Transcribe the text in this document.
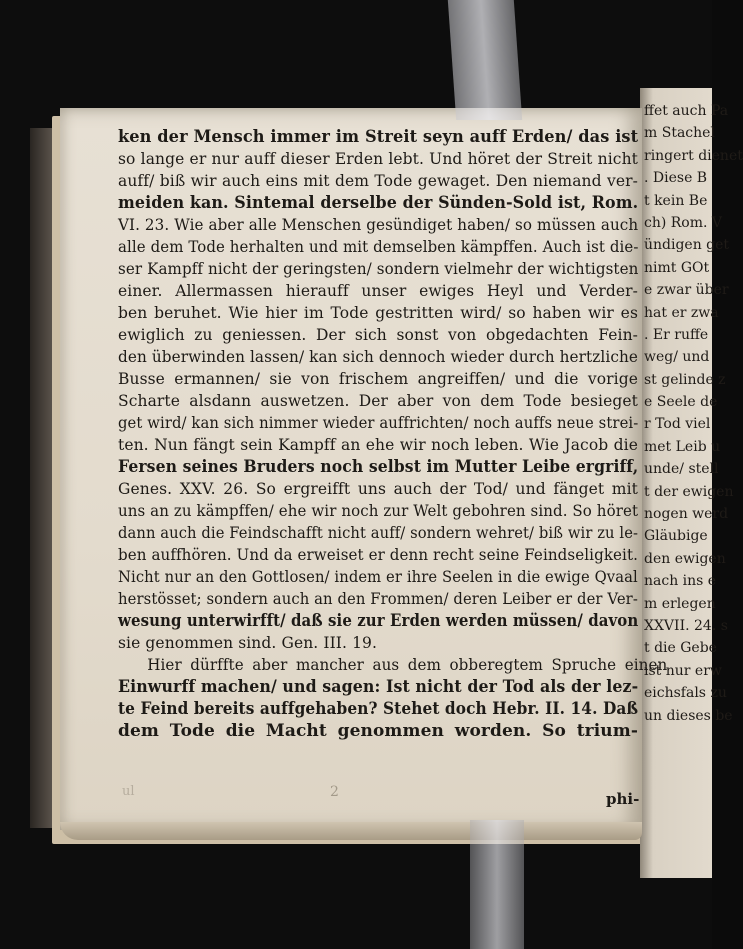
ffet auch Pa
m Stachel
ringert dienet
. Diese B
t kein Be
ch) Rom. V
ündigen get
nimt GOt
e zwar über
hat er zwa
. Er ruffe
weg/ und
st gelinde z
e Seele de
r Tod viel
met Leib u
unde/ stell
t der ewigen
nogen werd
Gläubige
den ewigen
nach ins e
m erlegen
XXVII. 24. s
t die Gebe
ist nur erw
eichsfals zu
un dieses be
ken der Mensch immer im Streit seyn auff Erden/ das ist
so lange er nur auff dieser Erden lebt. Und höret der Streit nicht
auff/ biß wir auch eins mit dem Tode gewaget. Den niemand ver-
meiden kan. Sintemal derselbe der Sünden-Sold ist, Rom.
VI. 23. Wie aber alle Menschen gesündiget haben/ so müssen auch
alle dem Tode herhalten und mit demselben kämpffen. Auch ist die-
ser Kampff nicht der geringsten/ sondern vielmehr der wichtigsten
einer. Allermassen hierauff unser ewiges Heyl und Verder-
ben beruhet. Wie hier im Tode gestritten wird/ so haben wir es
ewiglich zu geniessen. Der sich sonst von obgedachten Fein-
den überwinden lassen/ kan sich dennoch wieder durch hertzliche
Busse ermannen/ sie von frischem angreiffen/ und die vorige
Scharte alsdann auswetzen. Der aber von dem Tode besieget
get wird/ kan sich nimmer wieder auffrichten/ noch auffs neue strei-
ten. Nun fängt sein Kampff an ehe wir noch leben. Wie Jacob die
Fersen seines Bruders noch selbst im Mutter Leibe ergriff,
Genes. XXV. 26. So ergreifft uns auch der Tod/ und fänget mit
uns an zu kämpffen/ ehe wir noch zur Welt gebohren sind. So höret
dann auch die Feindschafft nicht auff/ sondern wehret/ biß wir zu le-
ben auffhören. Und da erweiset er denn recht seine Feindseligkeit.
Nicht nur an den Gottlosen/ indem er ihre Seelen in die ewige Qvaal
herstösset; sondern auch an den Frommen/ deren Leiber er der Ver-
wesung unterwirfft/ daß sie zur Erden werden müssen/ davon
sie genommen sind. Gen. III. 19.
Hier dürffte aber mancher aus dem obberegtem Spruche einen
Einwurff machen/ und sagen: Ist nicht der Tod als der lez-
te Feind bereits auffgehaben? Stehet doch Hebr. II. 14. Daß
dem Tode die Macht genommen worden. So trium-
ul	2	phi-
